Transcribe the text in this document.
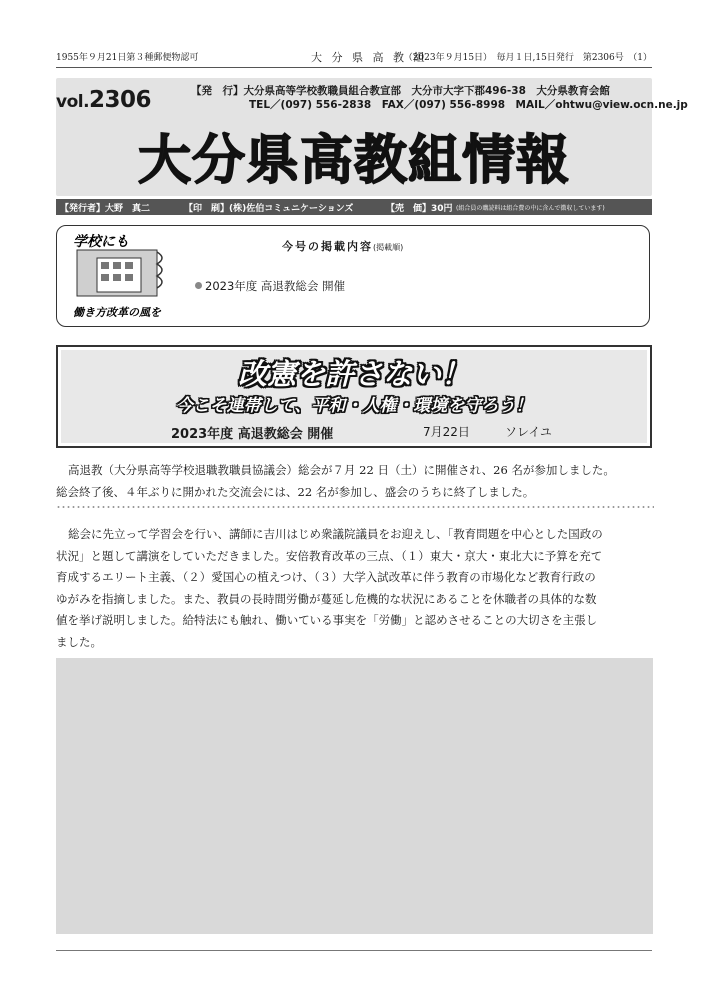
1955年９月21日第３種郵便物認可	大 分 県 高 教 組
（2023年９月15日）　毎月１日,15日発行　第2306号　（1）
vol.2306	【発　行】大分県高等学校教職員組合教宣部　大分市大字下郡496-38　大分県教育会館
TEL／(097) 556-2838　FAX／(097) 556-8998　MAIL／ohtwu@view.ocn.ne.jp
大分県高教組情報
【発行者】大野　真二	【印　刷】(株)佐伯コミュニケーションズ	【売　価】30円 (組合員の購読料は組合費の中に含んで徴収しています)
学校にも
働き方改革の風を
今号の掲載内容(掲載順)
2023年度 高退教総会 開催
改憲を許さない！
今こそ連帯して、平和・人権・環境を守ろう！
2023年度 高退教総会 開催	7月22日	ソレイユ
高退教（大分県高等学校退職教職員協議会）総会が７月 22 日（土）に開催され、26 名が参加しました。
総会終了後、４年ぶりに開かれた交流会には、22 名が参加し、盛会のうちに終了しました。
総会に先立って学習会を行い、講師に吉川はじめ衆議院議員をお迎えし、「教育問題を中心とした国政の
状況」と題して講演をしていただきました。安倍教育改革の三点、（１）東大・京大・東北大に予算を充て
育成するエリート主義、（２）愛国心の植えつけ、（３）大学入試改革に伴う教育の市場化など教育行政の
ゆがみを指摘しました。また、教員の長時間労働が蔓延し危機的な状況にあることを休職者の具体的な数
値を挙げ説明しました。給特法にも触れ、働いている事実を「労働」と認めさせることの大切さを主張し
ました。
